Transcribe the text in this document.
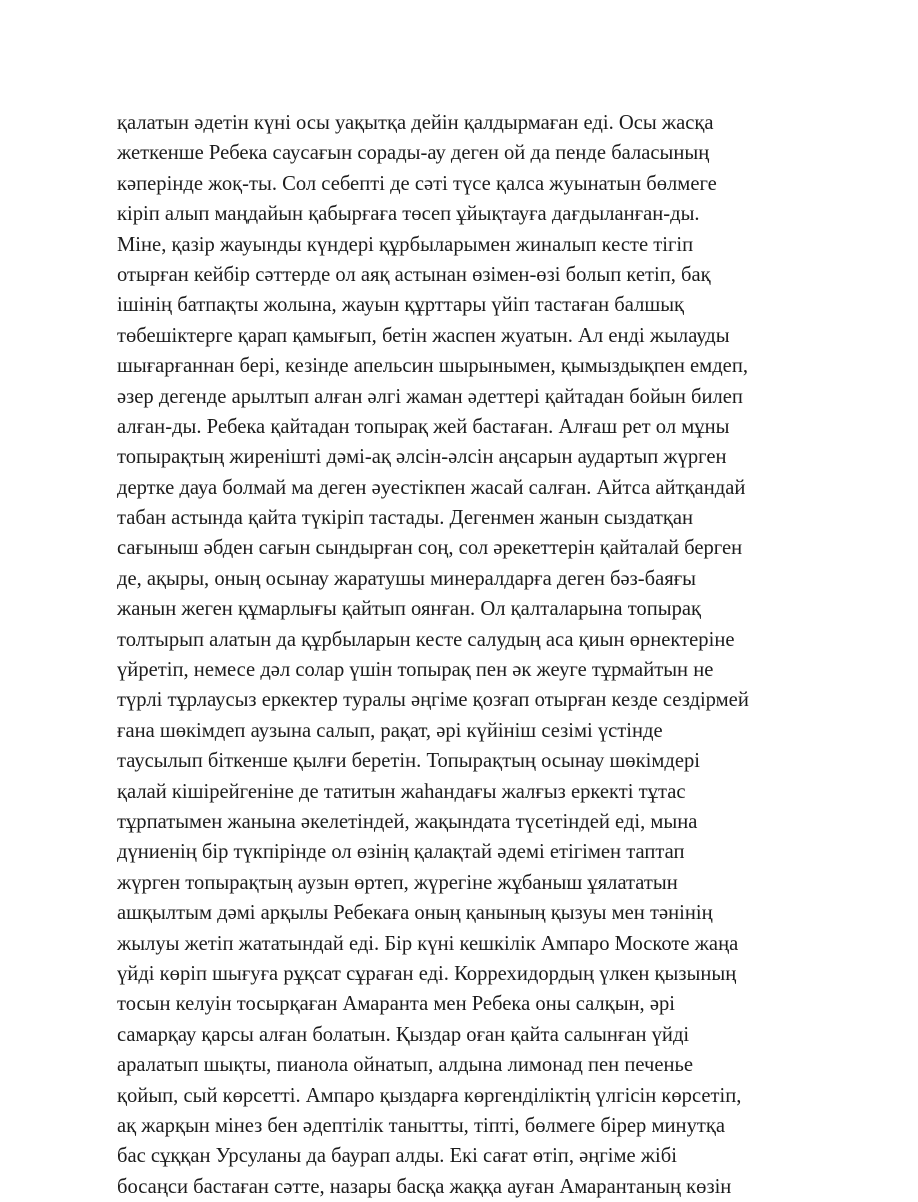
қалатын әдетін күні осы уақытқа дейін қалдырмаған еді. Осы жасқа
жеткенше Ребека саусағын сорады-ау деген ой да пенде баласының
кәперінде жоқ-ты. Сол себепті де сәті түсе қалса жуынатын бөлмеге
кіріп алып маңдайын қабырғаға төсеп ұйықтауға дағдыланған-ды.
Міне, қазір жауынды күндері құрбыларымен жиналып кесте тігіп
отырған кейбір сәттерде ол аяқ астынан өзімен-өзі болып кетіп, бақ
ішінің батпақты жолына, жауын құрттары үйіп тастаған балшық
төбешіктерге қарап қамығып, бетін жаспен жуатын. Ал енді жылауды
шығарғаннан бері, кезінде апельсин шырынымен, қымыздықпен емдеп,
әзер дегенде арылтып алған әлгі жаман әдеттері қайтадан бойын билеп
алған-ды. Ребека қайтадан топырақ жей бастаған. Алғаш рет ол мұны
топырақтың жиреніштi дәмі-ақ әлсін-әлсін аңсарын аудартып жүрген
дертке дауа болмай ма деген әуестікпен жасай салған. Айтса айтқандай
табан астында қайта түкіріп тастады. Дегенмен жанын сыздатқан
сағыныш әбден сағын сындырған соң, сол әрекеттерін қайталай берген
де, ақыры, оның осынау жаратушы минералдарға деген бәз-баяғы
жанын жеген құмарлығы қайтып оянған. Ол қалталарына топырақ
толтырып алатын да құрбыларын кесте салудың аса қиын өрнектеріне
үйретіп, немесе дәл солар үшін топырақ пен әк жеуге тұрмайтын не
түрлі тұрлаусыз еркектер туралы әңгіме қозғап отырған кезде сездірмей
ғана шөкімдеп аузына салып, рақат, әрі күйініш сезімі үстінде
таусылып біткенше қылғи беретін. Топырақтың осынау шөкімдері
қалай кішірейгеніне де татитын жаһандағы жалғыз еркекті тұтас
тұрпатымен жанына әкелетіндей, жақындата түсетіндей еді, мына
дүниенің бір түкпірінде ол өзінің қалақтай әдемі етігімен таптап
жүрген топырақтың аузын өртеп, жүрегіне жұбаныш ұялататын
ашқылтым дәмі арқылы Ребекаға оның қанының қызуы мен тәнінің
жылуы жетіп жататындай еді. Бір күні кешкілік Ампаро Москоте жаңа
үйді көріп шығуға рұқсат сұраған еді. Коррехидордың үлкен қызының
тосын келуін тосырқаған Амаранта мен Ребека оны салқын, әрі
самарқау қарсы алған болатын. Қыздар оған қайта салынған үйді
аралатып шықты, пианола ойнатып, алдына лимонад пен печенье
қойып, сый көрсетті. Ампаро қыздарға көргенділіктің үлгісін көрсетіп,
ақ жарқын мінез бен әдептілік танытты, тіпті, бөлмеге бірер минутқа
бас сұққан Урсуланы да баурап алды. Екі сағат өтіп, әңгіме жібі
босаңси бастаған сәтте, назары басқа жаққа ауған Амарантаның көзін
